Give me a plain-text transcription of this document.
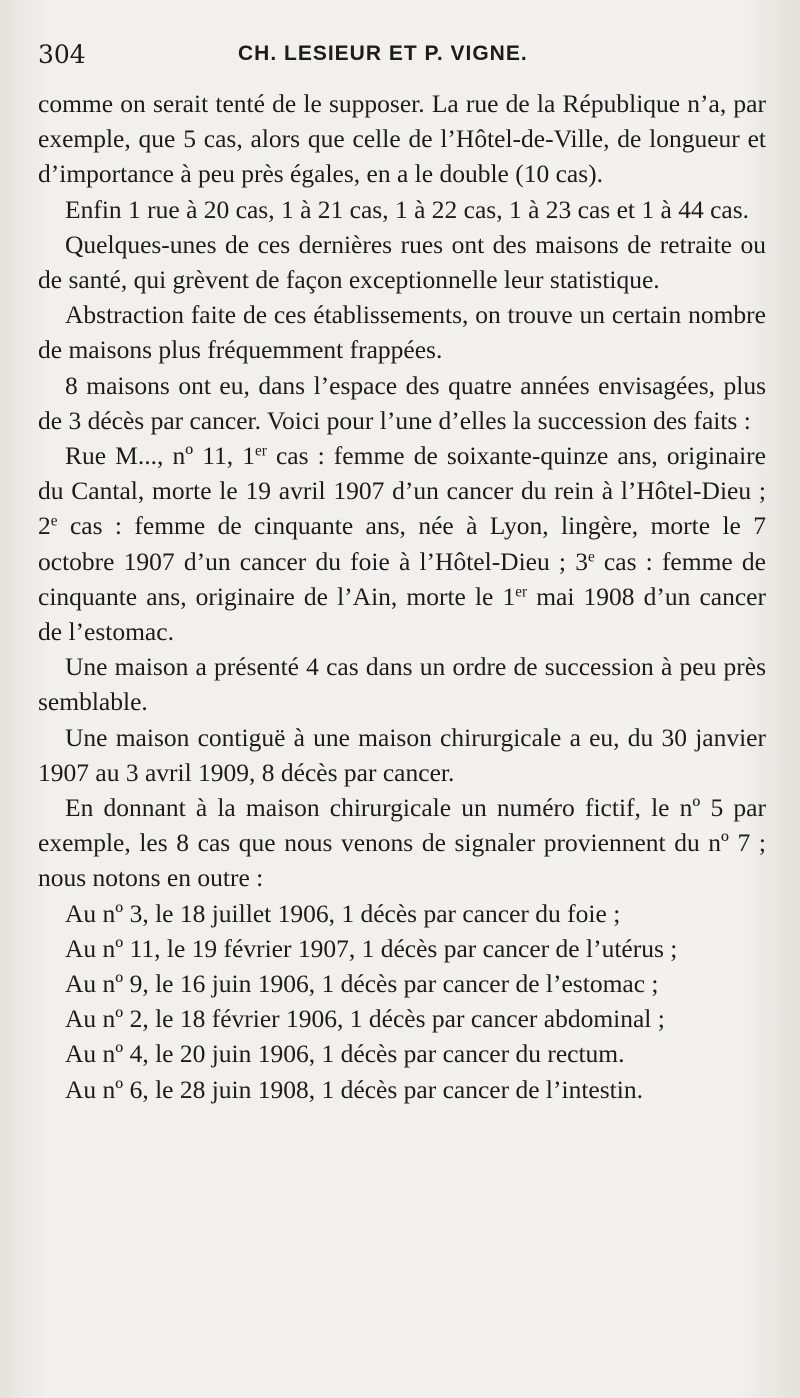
304	CH. LESIEUR ET P. VIGNE.

comme on serait tenté de le supposer. La rue de la République n’a, par exemple, que 5 cas, alors que celle de l’Hôtel-de-Ville, de longueur et d’importance à peu près égales, en a le double (10 cas).

Enfin 1 rue à 20 cas, 1 à 21 cas, 1 à 22 cas, 1 à 23 cas et 1 à 44 cas.

Quelques-unes de ces dernières rues ont des maisons de retraite ou de santé, qui grèvent de façon exceptionnelle leur statistique.

Abstraction faite de ces établissements, on trouve un certain nombre de maisons plus fréquemment frappées.

8 maisons ont eu, dans l’espace des quatre années envisagées, plus de 3 décès par cancer. Voici pour l’une d’elles la succession des faits :

Rue M..., nº 11, 1er cas : femme de soixante-quinze ans, originaire du Cantal, morte le 19 avril 1907 d’un cancer du rein à l’Hôtel-Dieu ; 2e cas : femme de cinquante ans, née à Lyon, lingère, morte le 7 octobre 1907 d’un cancer du foie à l’Hôtel-Dieu ; 3e cas : femme de cinquante ans, originaire de l’Ain, morte le 1er mai 1908 d’un cancer de l’estomac.

Une maison a présenté 4 cas dans un ordre de succession à peu près semblable.

Une maison contiguë à une maison chirurgicale a eu, du 30 janvier 1907 au 3 avril 1909, 8 décès par cancer.

En donnant à la maison chirurgicale un numéro fictif, le nº 5 par exemple, les 8 cas que nous venons de signaler proviennent du nº 7 ; nous notons en outre :

Au nº 3, le 18 juillet 1906, 1 décès par cancer du foie ;

Au nº 11, le 19 février 1907, 1 décès par cancer de l’utérus ;

Au nº 9, le 16 juin 1906, 1 décès par cancer de l’estomac ;

Au nº 2, le 18 février 1906, 1 décès par cancer abdominal ;

Au nº 4, le 20 juin 1906, 1 décès par cancer du rectum.

Au nº 6, le 28 juin 1908, 1 décès par cancer de l’intestin.
